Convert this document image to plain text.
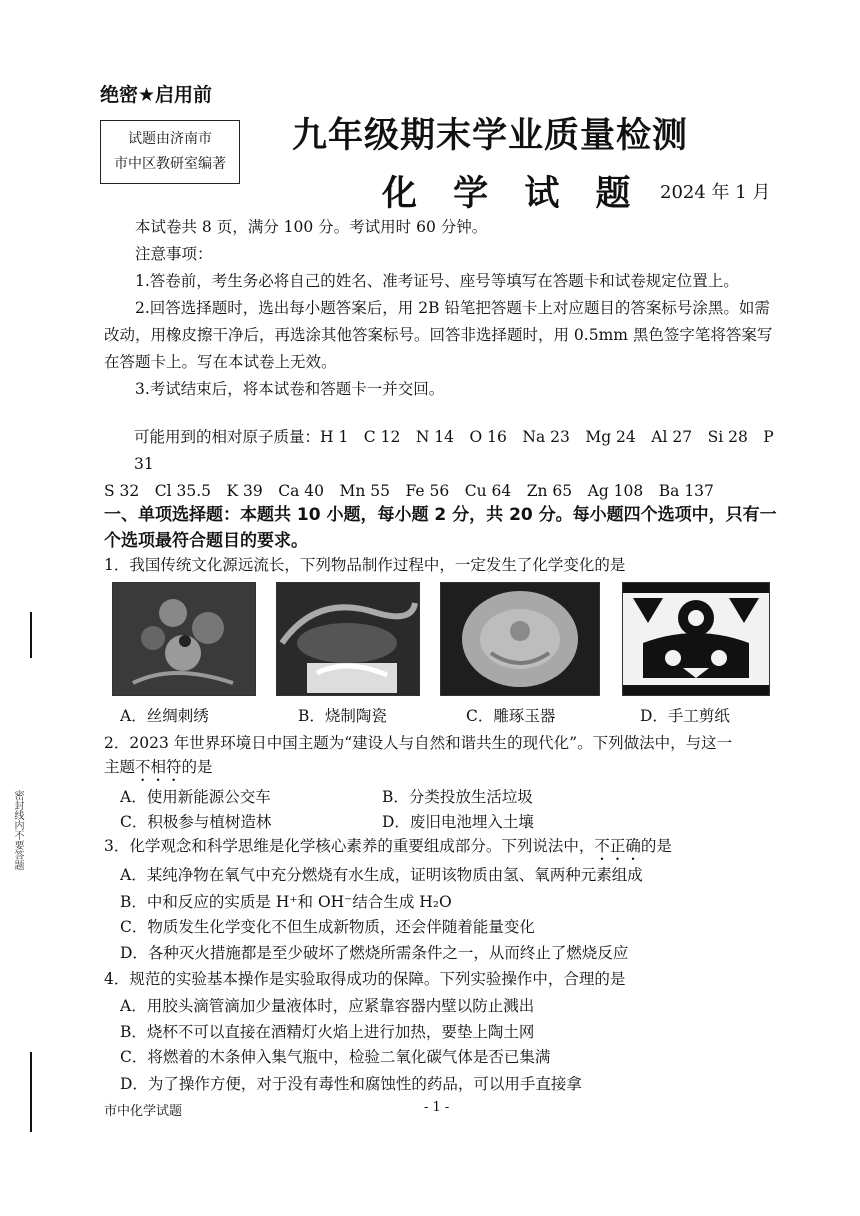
绝密★启用前
试题由济南市
市中区教研室编著
九年级期末学业质量检测
化 学 试 题 2024 年 1 月
本试卷共 8 页，满分 100 分。考试用时 60 分钟。
注意事项：
1.答卷前，考生务必将自己的姓名、准考证号、座号等填写在答题卡和试卷规定位置上。
2.回答选择题时，选出每小题答案后，用 2B 铅笔把答题卡上对应题目的答案标号涂黑。如需改动，用橡皮擦干净后，再选涂其他答案标号。回答非选择题时，用 0.5mm 黑色签字笔将答案写在答题卡上。写在本试卷上无效。
3.考试结束后，将本试卷和答题卡一并交回。
可能用到的相对原子质量：H 1　C 12　N 14　O 16　Na 23　Mg 24　Al 27　Si 28　P 31
S 32　Cl 35.5　K 39　Ca 40　Mn 55　Fe 56　Cu 64　Zn 65　Ag 108　Ba 137
一、单项选择题：本题共 10 小题，每小题 2 分，共 20 分。每小题四个选项中，只有一个选项最符合题目的要求。
1．我国传统文化源远流长，下列物品制作过程中，一定发生了化学变化的是
A．丝绸刺绣	B．烧制陶瓷	C．雕琢玉器	D．手工剪纸
2．2023 年世界环境日中国主题为“建设人与自然和谐共生的现代化”。下列做法中，与这一
主题不相符的是
A．使用新能源公交车	B．分类投放生活垃圾
C．积极参与植树造林	D．废旧电池埋入土壤
3．化学观念和科学思维是化学核心素养的重要组成部分。下列说法中，不正确的是
A．某纯净物在氧气中充分燃烧有水生成，证明该物质由氢、氧两种元素组成
B．中和反应的实质是 H⁺和 OH⁻结合生成 H₂O
C．物质发生化学变化不但生成新物质，还会伴随着能量变化
D．各种灭火措施都是至少破坏了燃烧所需条件之一，从而终止了燃烧反应
4．规范的实验基本操作是实验取得成功的保障。下列实验操作中，合理的是
A．用胶头滴管滴加少量液体时，应紧靠容器内壁以防止溅出
B．烧杯不可以直接在酒精灯火焰上进行加热，要垫上陶土网
C．将燃着的木条伸入集气瓶中，检验二氧化碳气体是否已集满
D．为了操作方便，对于没有毒性和腐蚀性的药品，可以用手直接拿
市中化学试题	- 1 -
密封线内不要答题
